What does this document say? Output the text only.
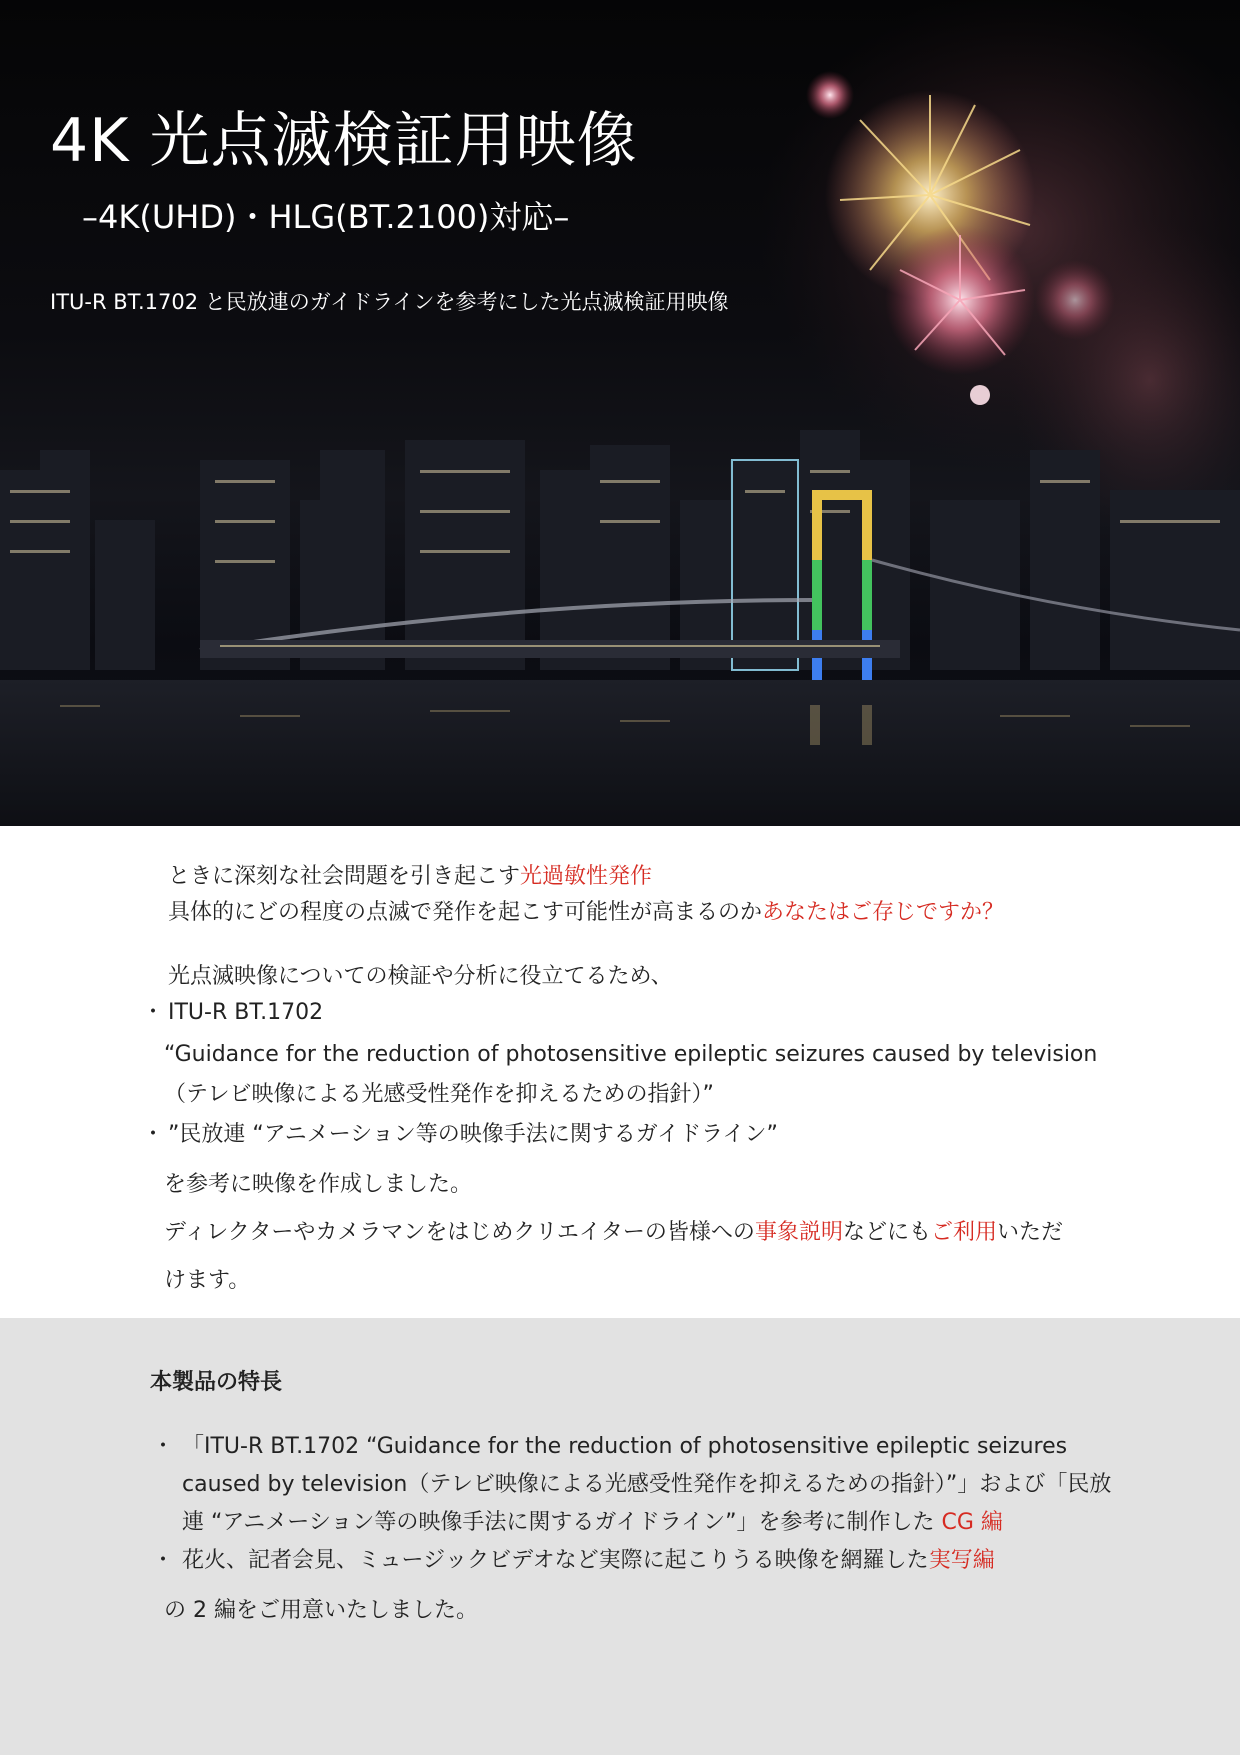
4K 光点滅検証用映像

–4K(UHD)・HLG(BT.2100)対応–

ITU-R BT.1702 と民放連のガイドラインを参考にした光点滅検証用映像

ときに深刻な社会問題を引き起こす光過敏性発作
具体的にどの程度の点滅で発作を起こす可能性が高まるのかあなたはご存じですか？
光点滅映像についての検証や分析に役立てるため、
・ ITU-R BT.1702
“Guidance for the reduction of photosensitive epileptic seizures caused by television
（テレビ映像による光感受性発作を抑えるための指針）”
・ ”民放連 “アニメーション等の映像手法に関するガイドライン”
を参考に映像を作成しました。
ディレクターやカメラマンをはじめクリエイターの皆様への事象説明などにもご利用いただ
けます。
本製品の特長
・ 「ITU-R BT.1702 “Guidance for the reduction of photosensitive epileptic seizures
caused by television（テレビ映像による光感受性発作を抑えるための指針）”」および「民放
連 “アニメーション等の映像手法に関するガイドライン”」を参考に制作した CG 編
・ 花火、記者会見、ミュージックビデオなど実際に起こりうる映像を網羅した実写編
の 2 編をご用意いたしました。
